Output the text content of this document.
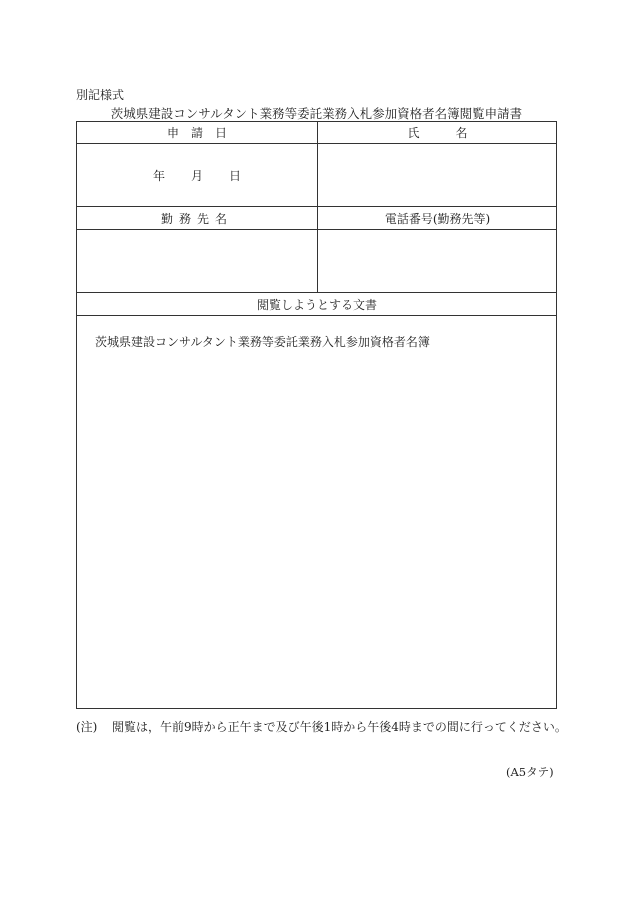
別記様式
茨城県建設コンサルタント業務等委託業務入札参加資格者名簿閲覧申請書
申　請　日	氏　　　名
年 月 日
勤務先名	電話番号(勤務先等)
閲覧しようとする文書
茨城県建設コンサルタント業務等委託業務入札参加資格者名簿
(注) 閲覧は，午前9時から正午まで及び午後1時から午後4時までの間に行ってください。
(A5タテ)
